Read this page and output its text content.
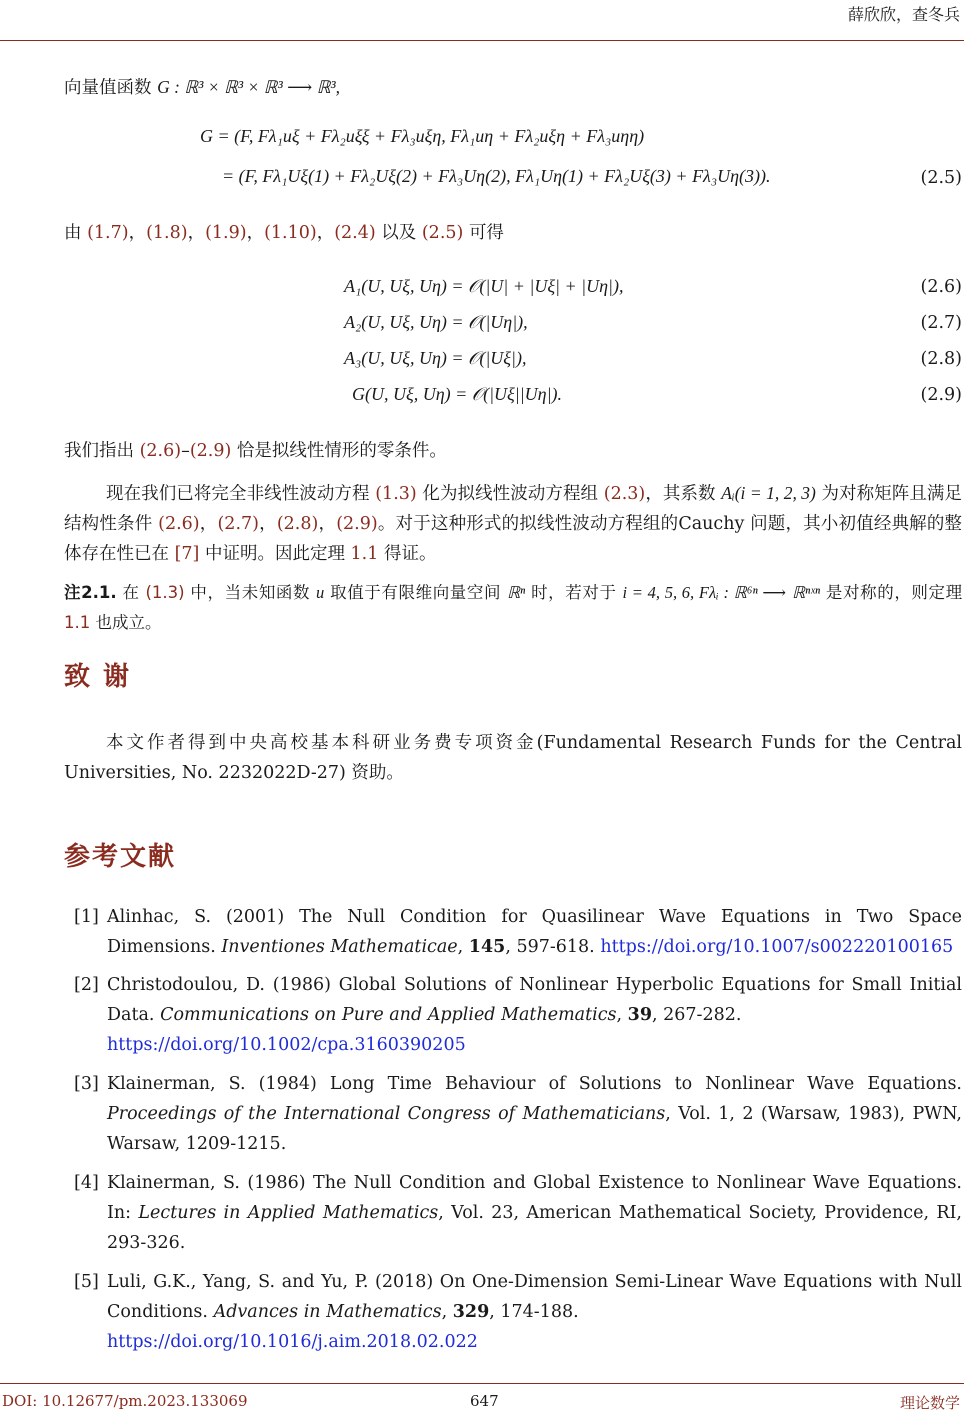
薛欣欣，查冬兵
向量值函数 G : ℝ³ × ℝ³ × ℝ³ ⟶ ℝ³,
G = (F, Fλ₁uξ + Fλ₂uξξ + Fλ₃uξη, Fλ₁uη + Fλ₂uξη + Fλ₃uηη)
= (F, Fλ₁Uξ(1) + Fλ₂Uξ(2) + Fλ₃Uη(2), Fλ₁Uη(1) + Fλ₂Uξ(3) + Fλ₃Uη(3)).	(2.5)
由 (1.7)，(1.8)，(1.9)，(1.10)，(2.4) 以及 (2.5) 可得
A₁(U, Uξ, Uη) = 𝒪(|U| + |Uξ| + |Uη|),	(2.6)
A₂(U, Uξ, Uη) = 𝒪(|Uη|),	(2.7)
A₃(U, Uξ, Uη) = 𝒪(|Uξ|),	(2.8)
G(U, Uξ, Uη) = 𝒪(|Uξ||Uη|).	(2.9)
我们指出 (2.6)–(2.9) 恰是拟线性情形的零条件。
现在我们已将完全非线性波动方程 (1.3) 化为拟线性波动方程组 (2.3)，其系数 Aᵢ(i = 1, 2, 3) 为对称矩阵且满足结构性条件 (2.6)，(2.7)，(2.8)，(2.9)。对于这种形式的拟线性波动方程组的Cauchy 问题，其小初值经典解的整体存在性已在 [7] 中证明。因此定理 1.1 得证。
注2.1. 在 (1.3) 中，当未知函数 u 取值于有限维向量空间 ℝⁿ 时，若对于 i = 4, 5, 6, Fλᵢ : ℝ⁶ⁿ ⟶ ℝⁿˣⁿ 是对称的，则定理 1.1 也成立。
致 谢
本文作者得到中央高校基本科研业务费专项资金(Fundamental Research Funds for the Central Universities, No. 2232022D-27) 资助。
参考文献
[1] Alinhac, S. (2001) The Null Condition for Quasilinear Wave Equations in Two Space Dimensions. Inventiones Mathematicae, 145, 597-618. https://doi.org/10.1007/s002220100165
[2] Christodoulou, D. (1986) Global Solutions of Nonlinear Hyperbolic Equations for Small Initial Data. Communications on Pure and Applied Mathematics, 39, 267-282.
https://doi.org/10.1002/cpa.3160390205
[3] Klainerman, S. (1984) Long Time Behaviour of Solutions to Nonlinear Wave Equations. Proceedings of the International Congress of Mathematicians, Vol. 1, 2 (Warsaw, 1983), PWN, Warsaw, 1209-1215.
[4] Klainerman, S. (1986) The Null Condition and Global Existence to Nonlinear Wave Equations. In: Lectures in Applied Mathematics, Vol. 23, American Mathematical Society, Providence, RI, 293-326.
[5] Luli, G.K., Yang, S. and Yu, P. (2018) On One-Dimension Semi-Linear Wave Equations with Null Conditions. Advances in Mathematics, 329, 174-188.
https://doi.org/10.1016/j.aim.2018.02.022
DOI: 10.12677/pm.2023.133069	647	理论数学
